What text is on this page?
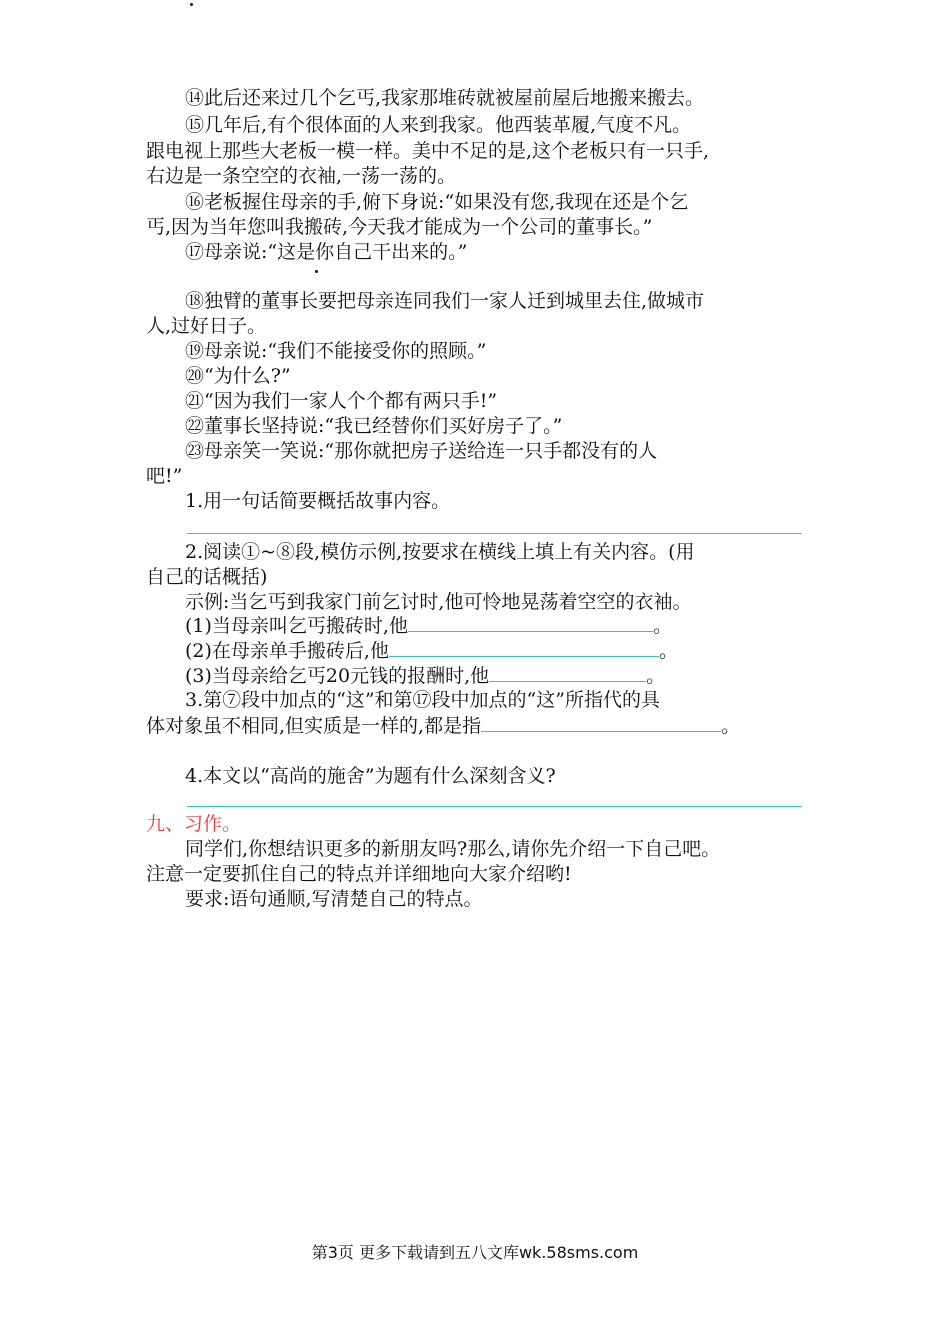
⑭此后还来过几个乞丐,我家那堆砖就被屋前屋后地搬来搬去。
⑮几年后,有个很体面的人来到我家。他西装革履,气度不凡。
跟电视上那些大老板一模一样。美中不足的是,这个老板只有一只手,
右边是一条空空的衣袖,一荡一荡的。
⑯老板握住母亲的手,俯下身说:“如果没有您,我现在还是个乞
丐,因为当年您叫我搬砖,今天我才能成为一个公司的董事长。”
⑰母亲说:“这是你自己干出来的。”
⑱独臂的董事长要把母亲连同我们一家人迁到城里去住,做城市
人,过好日子。
⑲母亲说:“我们不能接受你的照顾。”
⑳“为什么?”
㉑“因为我们一家人个个都有两只手!”
㉒董事长坚持说:“我已经替你们买好房子了。”
㉓母亲笑一笑说:“那你就把房子送给连一只手都没有的人
吧!”
1.用一句话简要概括故事内容。
2.阅读①~⑧段,模仿示例,按要求在横线上填上有关内容。(用
自己的话概括)
示例:当乞丐到我家门前乞讨时,他可怜地晃荡着空空的衣袖。
(1)当母亲叫乞丐搬砖时,他	。
(2)在母亲单手搬砖后,他	。
(3)当母亲给乞丐20元钱的报酬时,他	。
3.第⑦段中加点的“这”和第⑰段中加点的“这”所指代的具
体对象虽不相同,但实质是一样的,都是指	。
4.本文以“高尚的施舍”为题有什么深刻含义?
九、习作。
同学们,你想结识更多的新朋友吗?那么,请你先介绍一下自己吧。
注意一定要抓住自己的特点并详细地向大家介绍哟!
要求:语句通顺,写清楚自己的特点。
第3页 更多下载请到五八文库wk.58sms.com
